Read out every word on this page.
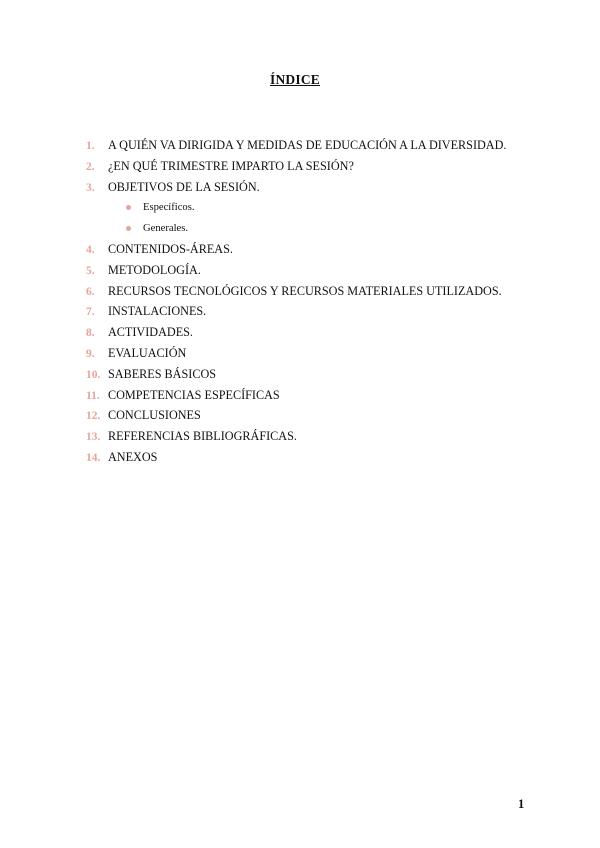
ÍNDICE
1.	A QUIÉN VA DIRIGIDA Y MEDIDAS DE EDUCACIÓN A LA DIVERSIDAD.
2.	¿EN QUÉ TRIMESTRE IMPARTO LA SESIÓN?
3.	OBJETIVOS DE LA SESIÓN.
Específicos.
Generales.
4.	CONTENIDOS-ÁREAS.
5.	METODOLOGÍA.
6.	RECURSOS TECNOLÓGICOS Y RECURSOS MATERIALES UTILIZADOS.
7.	INSTALACIONES.
8.	ACTIVIDADES.
9.	EVALUACIÓN
10. SABERES BÁSICOS
11. COMPETENCIAS ESPECÍFICAS
12. CONCLUSIONES
13. REFERENCIAS BIBLIOGRÁFICAS.
14. ANEXOS
1
